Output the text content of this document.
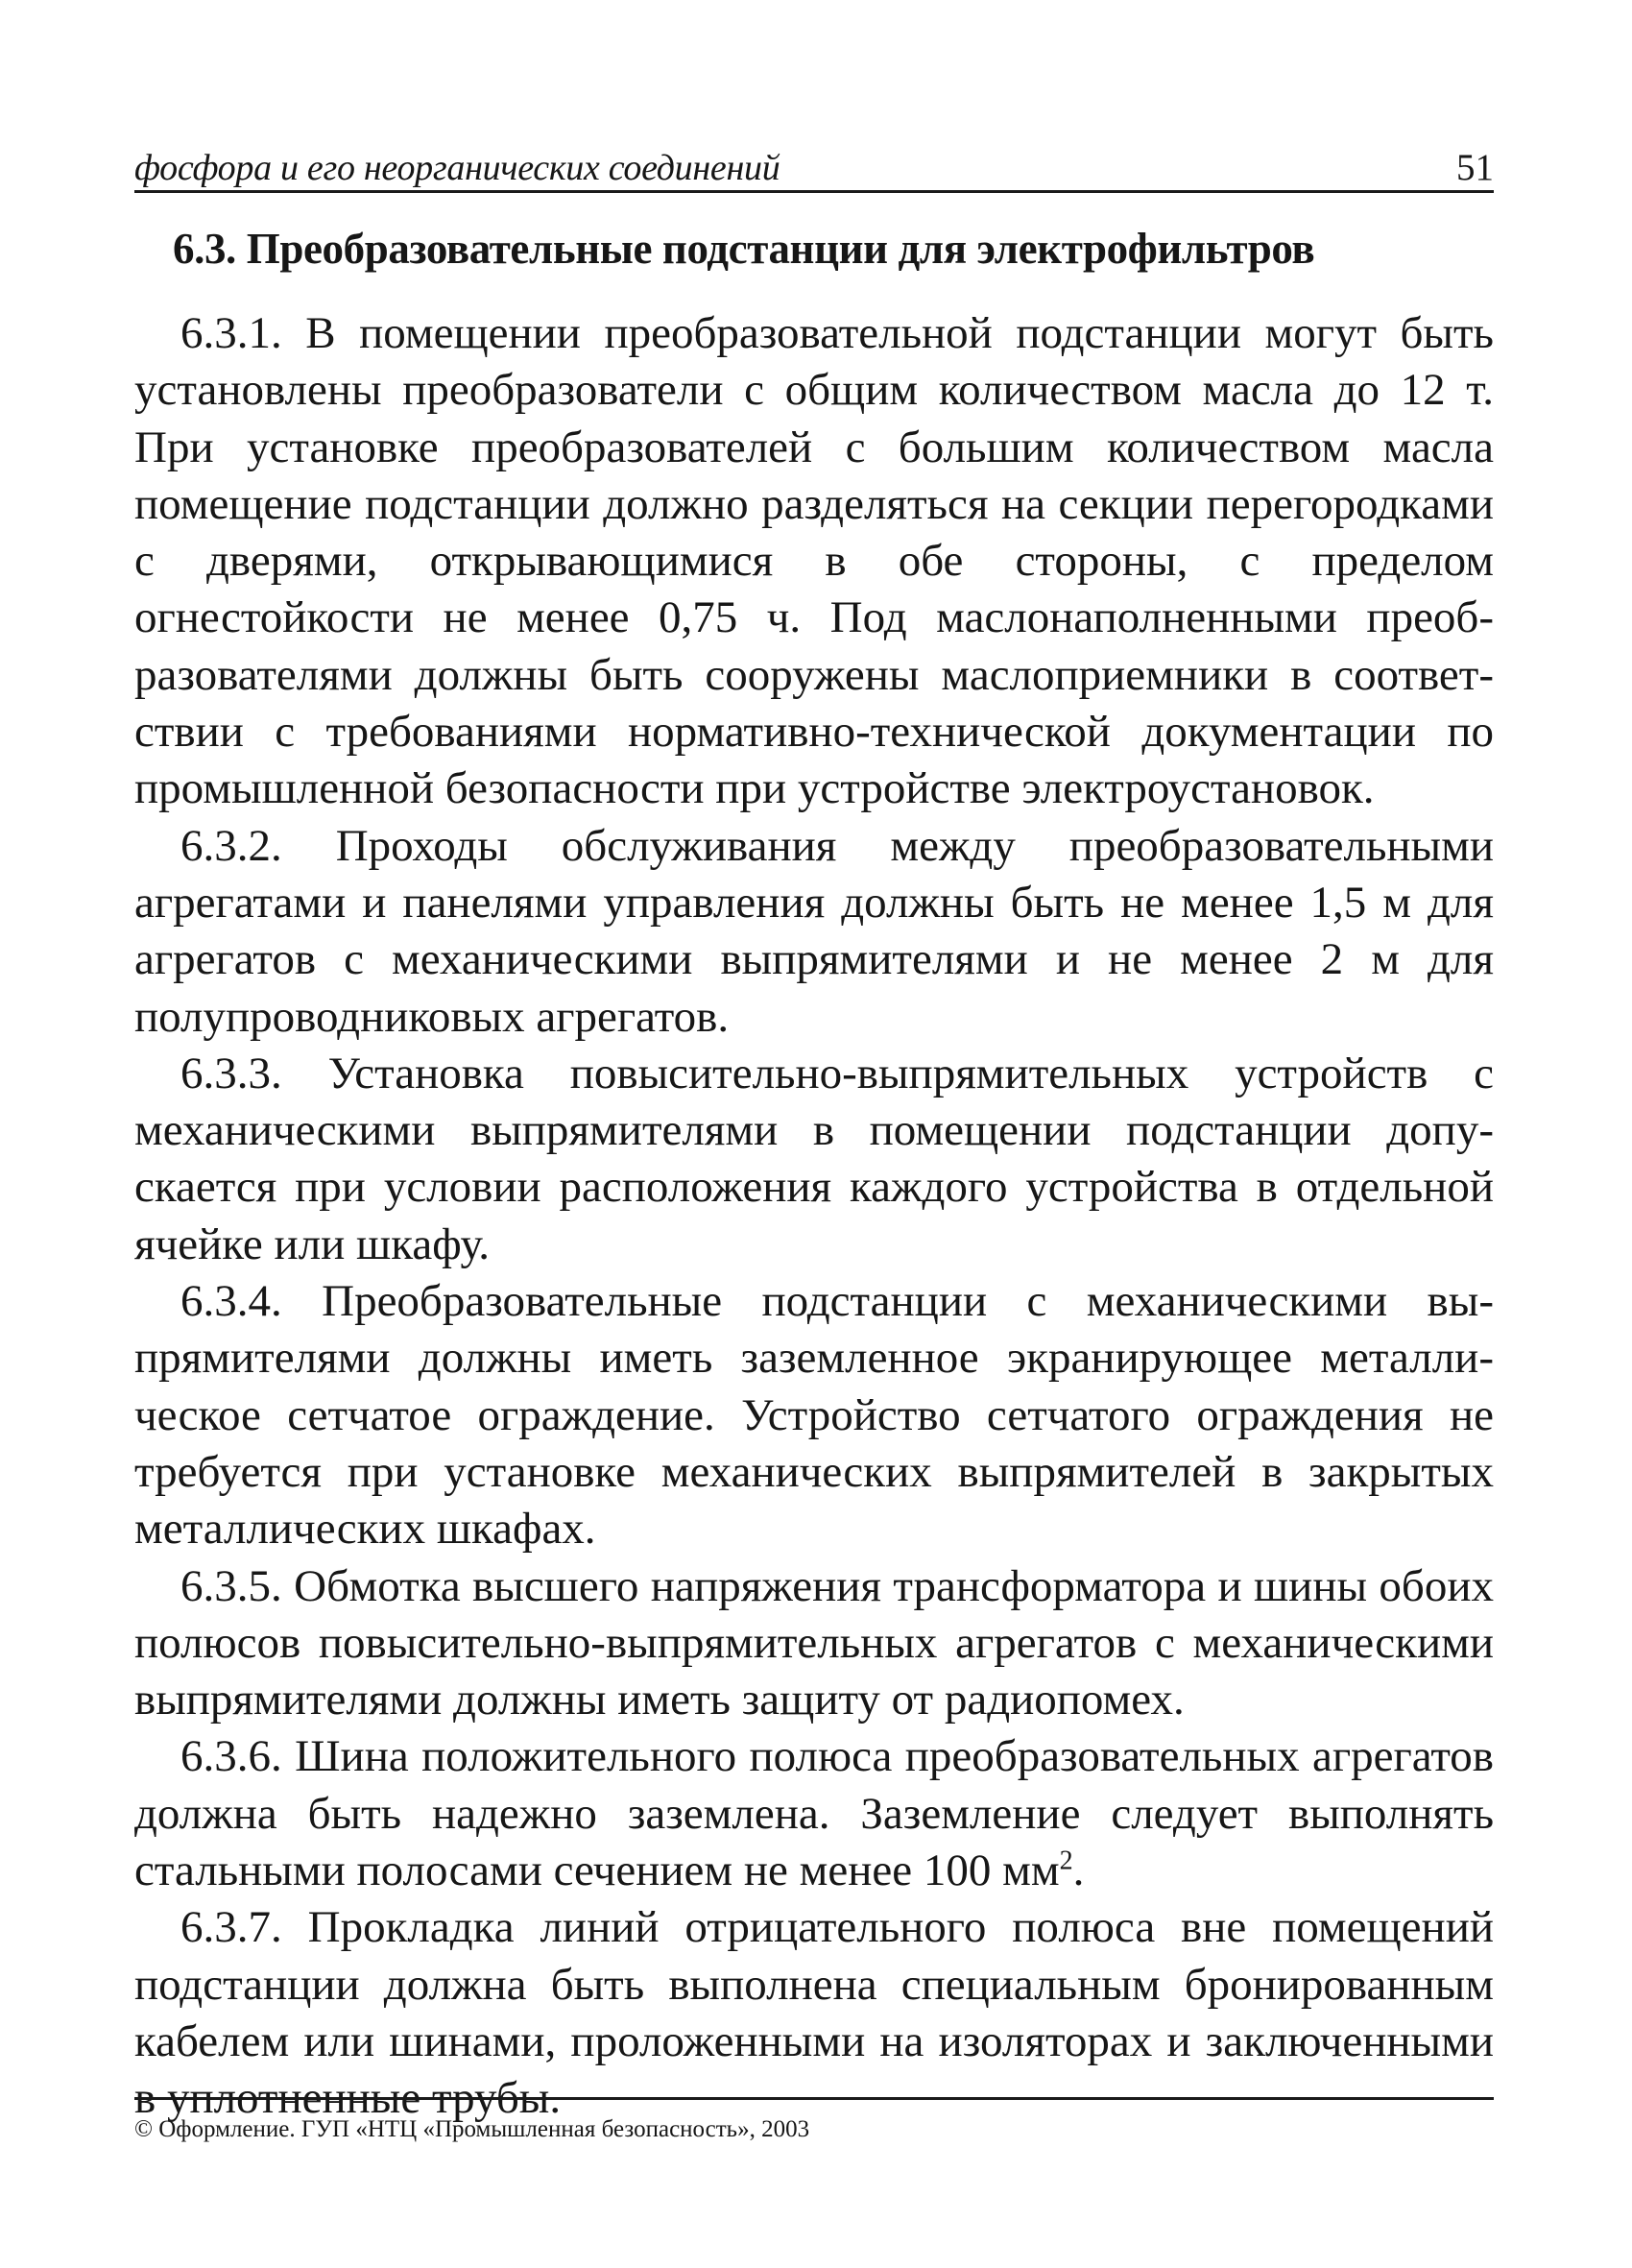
фосфора и его неорганических соединений	51
6.3. Преобразовательные подстанции для электрофильтров

6.3.1. В помещении преобразовательной подстанции могут быть установлены преобразователи с общим количеством масла до 12 т. При установке преобразователей с большим количеством масла помещение подстанции должно разделяться на секции перегородками с дверями, открывающимися в обе стороны, с пределом огнестойкости не менее 0,75 ч. Под маслонаполненными преобразователями должны быть сооружены маслоприемники в соответствии с требованиями нормативно-технической документации по промышленной безопасности при устройстве электроустановок.

6.3.2. Проходы обслуживания между преобразовательными агрегатами и панелями управления должны быть не менее 1,5 м для агрегатов с механическими выпрямителями и не менее 2 м для полупроводниковых агрегатов.

6.3.3. Установка повысительно-выпрямительных устройств с механическими выпрямителями в помещении подстанции допускается при условии расположения каждого устройства в отдельной ячейке или шкафу.

6.3.4. Преобразовательные подстанции с механическими выпрямителями должны иметь заземленное экранирующее металлическое сетчатое ограждение. Устройство сетчатого ограждения не требуется при установке механических выпрямителей в закрытых металлических шкафах.

6.3.5. Обмотка высшего напряжения трансформатора и шины обоих полюсов повысительно-выпрямительных агрегатов с механическими выпрямителями должны иметь защиту от радиопомех.

6.3.6. Шина положительного полюса преобразовательных агрегатов должна быть надежно заземлена. Заземление следует выполнять стальными полосами сечением не менее 100 $мм^2$.

6.3.7. Прокладка линий отрицательного полюса вне помещений подстанции должна быть выполнена специальным бронированным кабелем или шинами, проложенными на изоляторах и заключенными в уплотненные трубы.

© Оформление. ГУП «НТЦ «Промышленная безопасность», 2003
